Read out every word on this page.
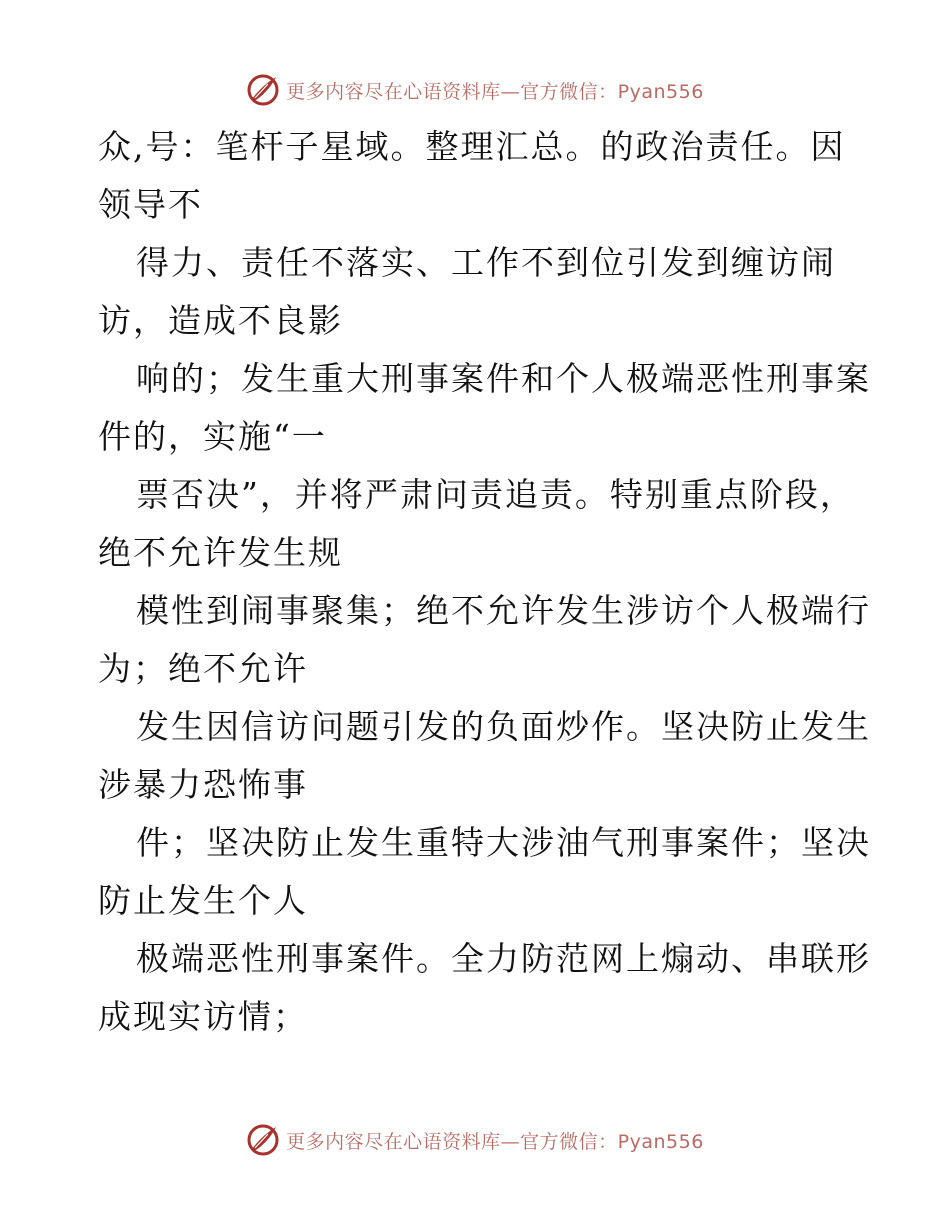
更多内容尽在心语资料库—官方微信：Pyan556
众,号：笔杆子星域。整理汇总。的政治责任。因
领导不
得力、责任不落实、工作不到位引发到缠访闹
访，造成不良影
响的；发生重大刑事案件和个人极端恶性刑事案
件的，实施“一
票否决”，并将严肃问责追责。特别重点阶段，
绝不允许发生规
模性到闹事聚集；绝不允许发生涉访个人极端行
为；绝不允许
发生因信访问题引发的负面炒作。坚决防止发生
涉暴力恐怖事
件；坚决防止发生重特大涉油气刑事案件；坚决
防止发生个人
极端恶性刑事案件。全力防范网上煽动、串联形
成现实访情；
更多内容尽在心语资料库—官方微信：Pyan556
